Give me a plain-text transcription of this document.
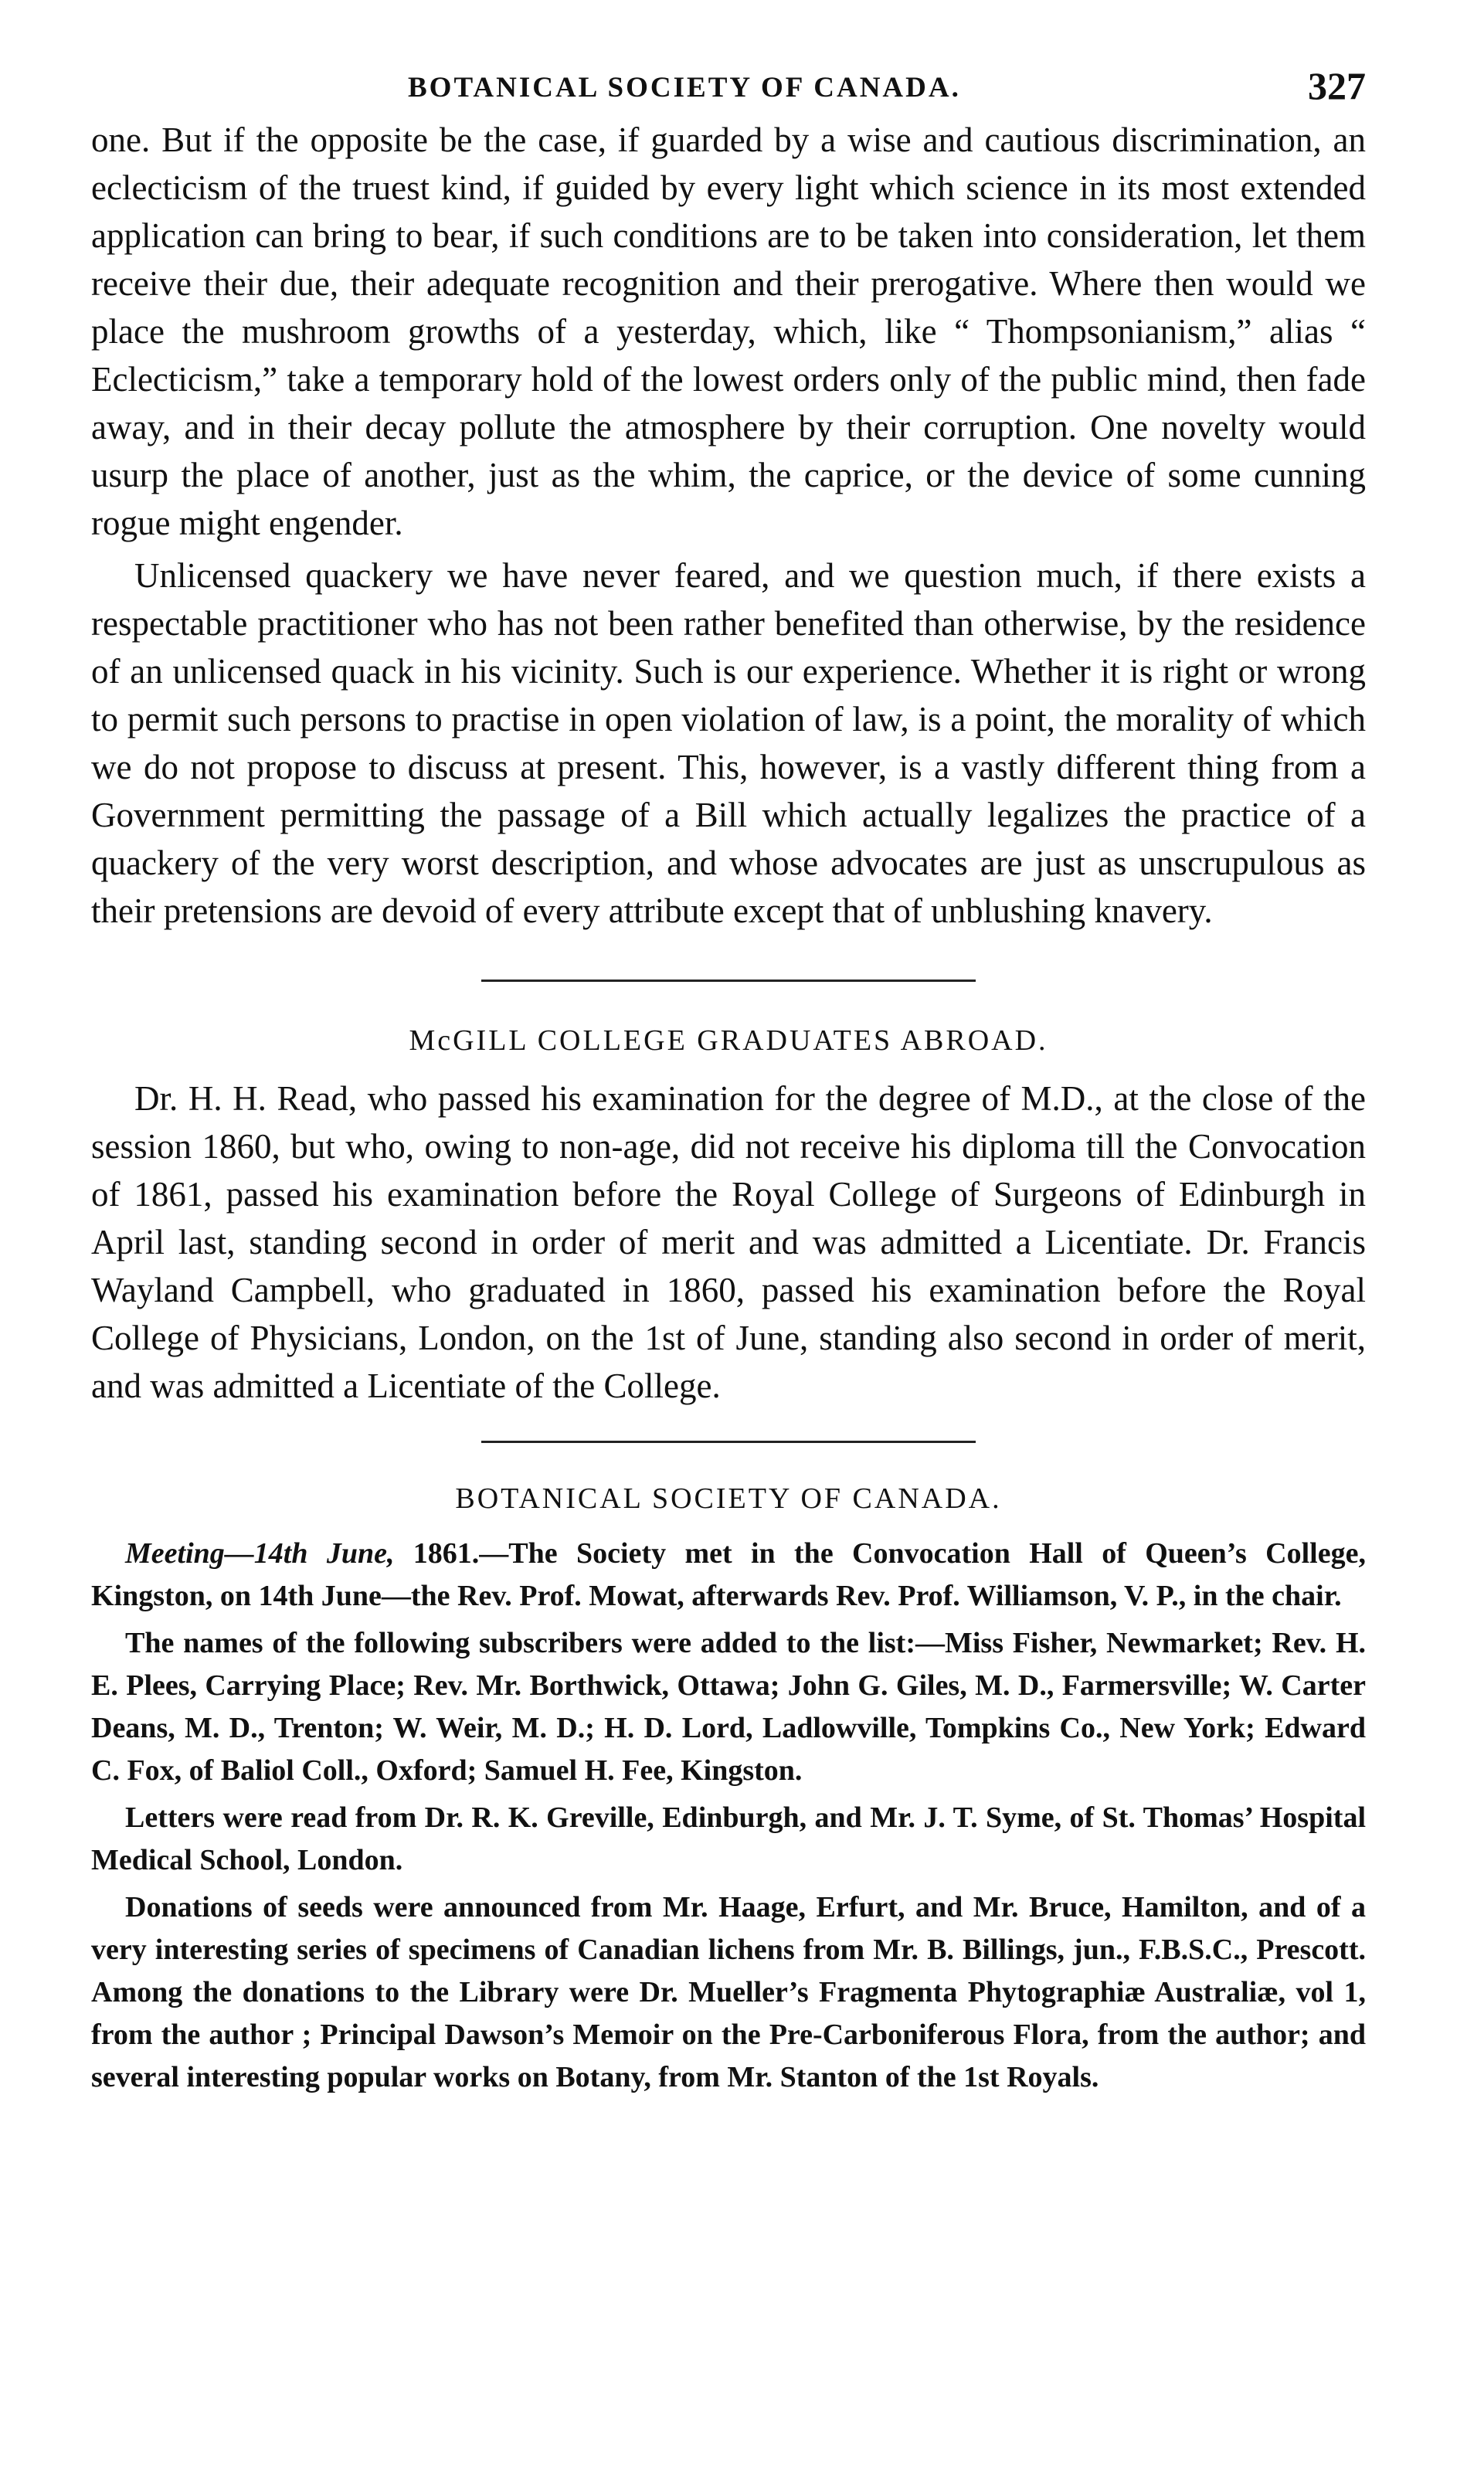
BOTANICAL SOCIETY OF CANADA.	327

one. But if the opposite be the case, if guarded by a wise and cautious discrimination, an eclecticism of the truest kind, if guided by every light which science in its most extended application can bring to bear, if such conditions are to be taken into consideration, let them receive their due, their adequate recognition and their prerogative. Where then would we place the mushroom growths of a yesterday, which, like “ Thompsonianism,” alias “ Eclecticism,” take a temporary hold of the lowest orders only of the public mind, then fade away, and in their decay pollute the atmosphere by their corruption. One novelty would usurp the place of another, just as the whim, the caprice, or the device of some cunning rogue might engender.

Unlicensed quackery we have never feared, and we question much, if there exists a respectable practitioner who has not been rather benefited than otherwise, by the residence of an unlicensed quack in his vicinity. Such is our experience. Whether it is right or wrong to permit such persons to practise in open violation of law, is a point, the morality of which we do not propose to discuss at present. This, however, is a vastly different thing from a Government permitting the passage of a Bill which actually legalizes the practice of a quackery of the very worst description, and whose advocates are just as unscrupulous as their pretensions are devoid of every attribute except that of unblushing knavery.

McGILL COLLEGE GRADUATES ABROAD.

Dr. H. H. Read, who passed his examination for the degree of M.D., at the close of the session 1860, but who, owing to non-age, did not receive his diploma till the Convocation of 1861, passed his examination before the Royal College of Surgeons of Edinburgh in April last, standing second in order of merit and was admitted a Licentiate. Dr. Francis Wayland Campbell, who graduated in 1860, passed his examination before the Royal College of Physicians, London, on the 1st of June, standing also second in order of merit, and was admitted a Licentiate of the College.

BOTANICAL SOCIETY OF CANADA.

Meeting—14th June, 1861.—The Society met in the Convocation Hall of Queen’s College, Kingston, on 14th June—the Rev. Prof. Mowat, afterwards Rev. Prof. Williamson, V. P., in the chair.

The names of the following subscribers were added to the list:—Miss Fisher, Newmarket; Rev. H. E. Plees, Carrying Place; Rev. Mr. Borthwick, Ottawa; John G. Giles, M. D., Farmersville; W. Carter Deans, M. D., Trenton; W. Weir, M. D.; H. D. Lord, Ladlowville, Tompkins Co., New York; Edward C. Fox, of Baliol Coll., Oxford; Samuel H. Fee, Kingston.

Letters were read from Dr. R. K. Greville, Edinburgh, and Mr. J. T. Syme, of St. Thomas’ Hospital Medical School, London.

Donations of seeds were announced from Mr. Haage, Erfurt, and Mr. Bruce, Hamilton, and of a very interesting series of specimens of Canadian lichens from Mr. B. Billings, jun., F.B.S.C., Prescott. Among the donations to the Library were Dr. Mueller’s Fragmenta Phytographiæ Australiæ, vol 1, from the author ; Principal Dawson’s Memoir on the Pre-Carboniferous Flora, from the author; and several interesting popular works on Botany, from Mr. Stanton of the 1st Royals.
